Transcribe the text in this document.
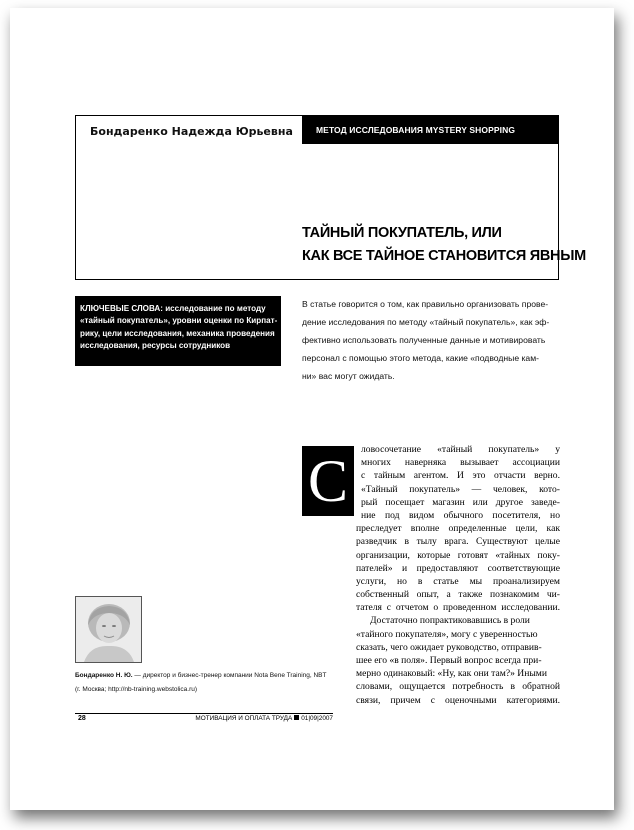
Бондаренко Надежда Юрьевна	МЕТОД ИССЛЕДОВАНИЯ MYSTERY SHOPPING
ТАЙНЫЙ ПОКУПАТЕЛЬ, ИЛИ
КАК ВСЕ ТАЙНОЕ СТАНОВИТСЯ ЯВНЫМ
КЛЮЧЕВЫЕ СЛОВА: исследование по методу
«тайный покупатель», уровни оценки по Кирпат-
рику, цели исследования, механика проведения
исследования, ресурсы сотрудников
В статье говорится о том, как правильно организовать прове-
дение исследования по методу «тайный покупатель», как эф-
фективно использовать полученные данные и мотивировать
персонал с помощью этого метода, какие «подводные кам-
ни» вас могут ожидать.
С	ловосочетание «тайный покупатель» у
многих наверняка вызывает ассоциации
с тайным агентом. И это отчасти верно.
«Тайный покупатель» — человек, кото-
рый посещает магазин или другое заведе-
ние под видом обычного посетителя, но
преследует вполне определенные цели, как
разведчик в тылу врага. Существуют целые
организации, которые готовят «тайных поку-
пателей» и предоставляют соответствующие
услуги, но в статье мы проанализируем
собственный опыт, а также познакомим чи-
тателя с отчетом о проведенном исследовании.
Достаточно попрактиковавшись в роли
«тайного покупателя», могу с уверенностью
сказать, чего ожидает руководство, отправив-
шее его «в поля». Первый вопрос всегда при-
мерно одинаковый: «Ну, как они там?» Иными
словами, ощущается потребность в обратной
связи, причем с оценочными категориями.
Бондаренко Н. Ю. — директор и бизнес-тренер компании Nota Bene Training, NBT
(г. Москва; http://nb-training.webstolica.ru)
28	МОТИВАЦИЯ И ОПЛАТА ТРУДА 01|09|2007
